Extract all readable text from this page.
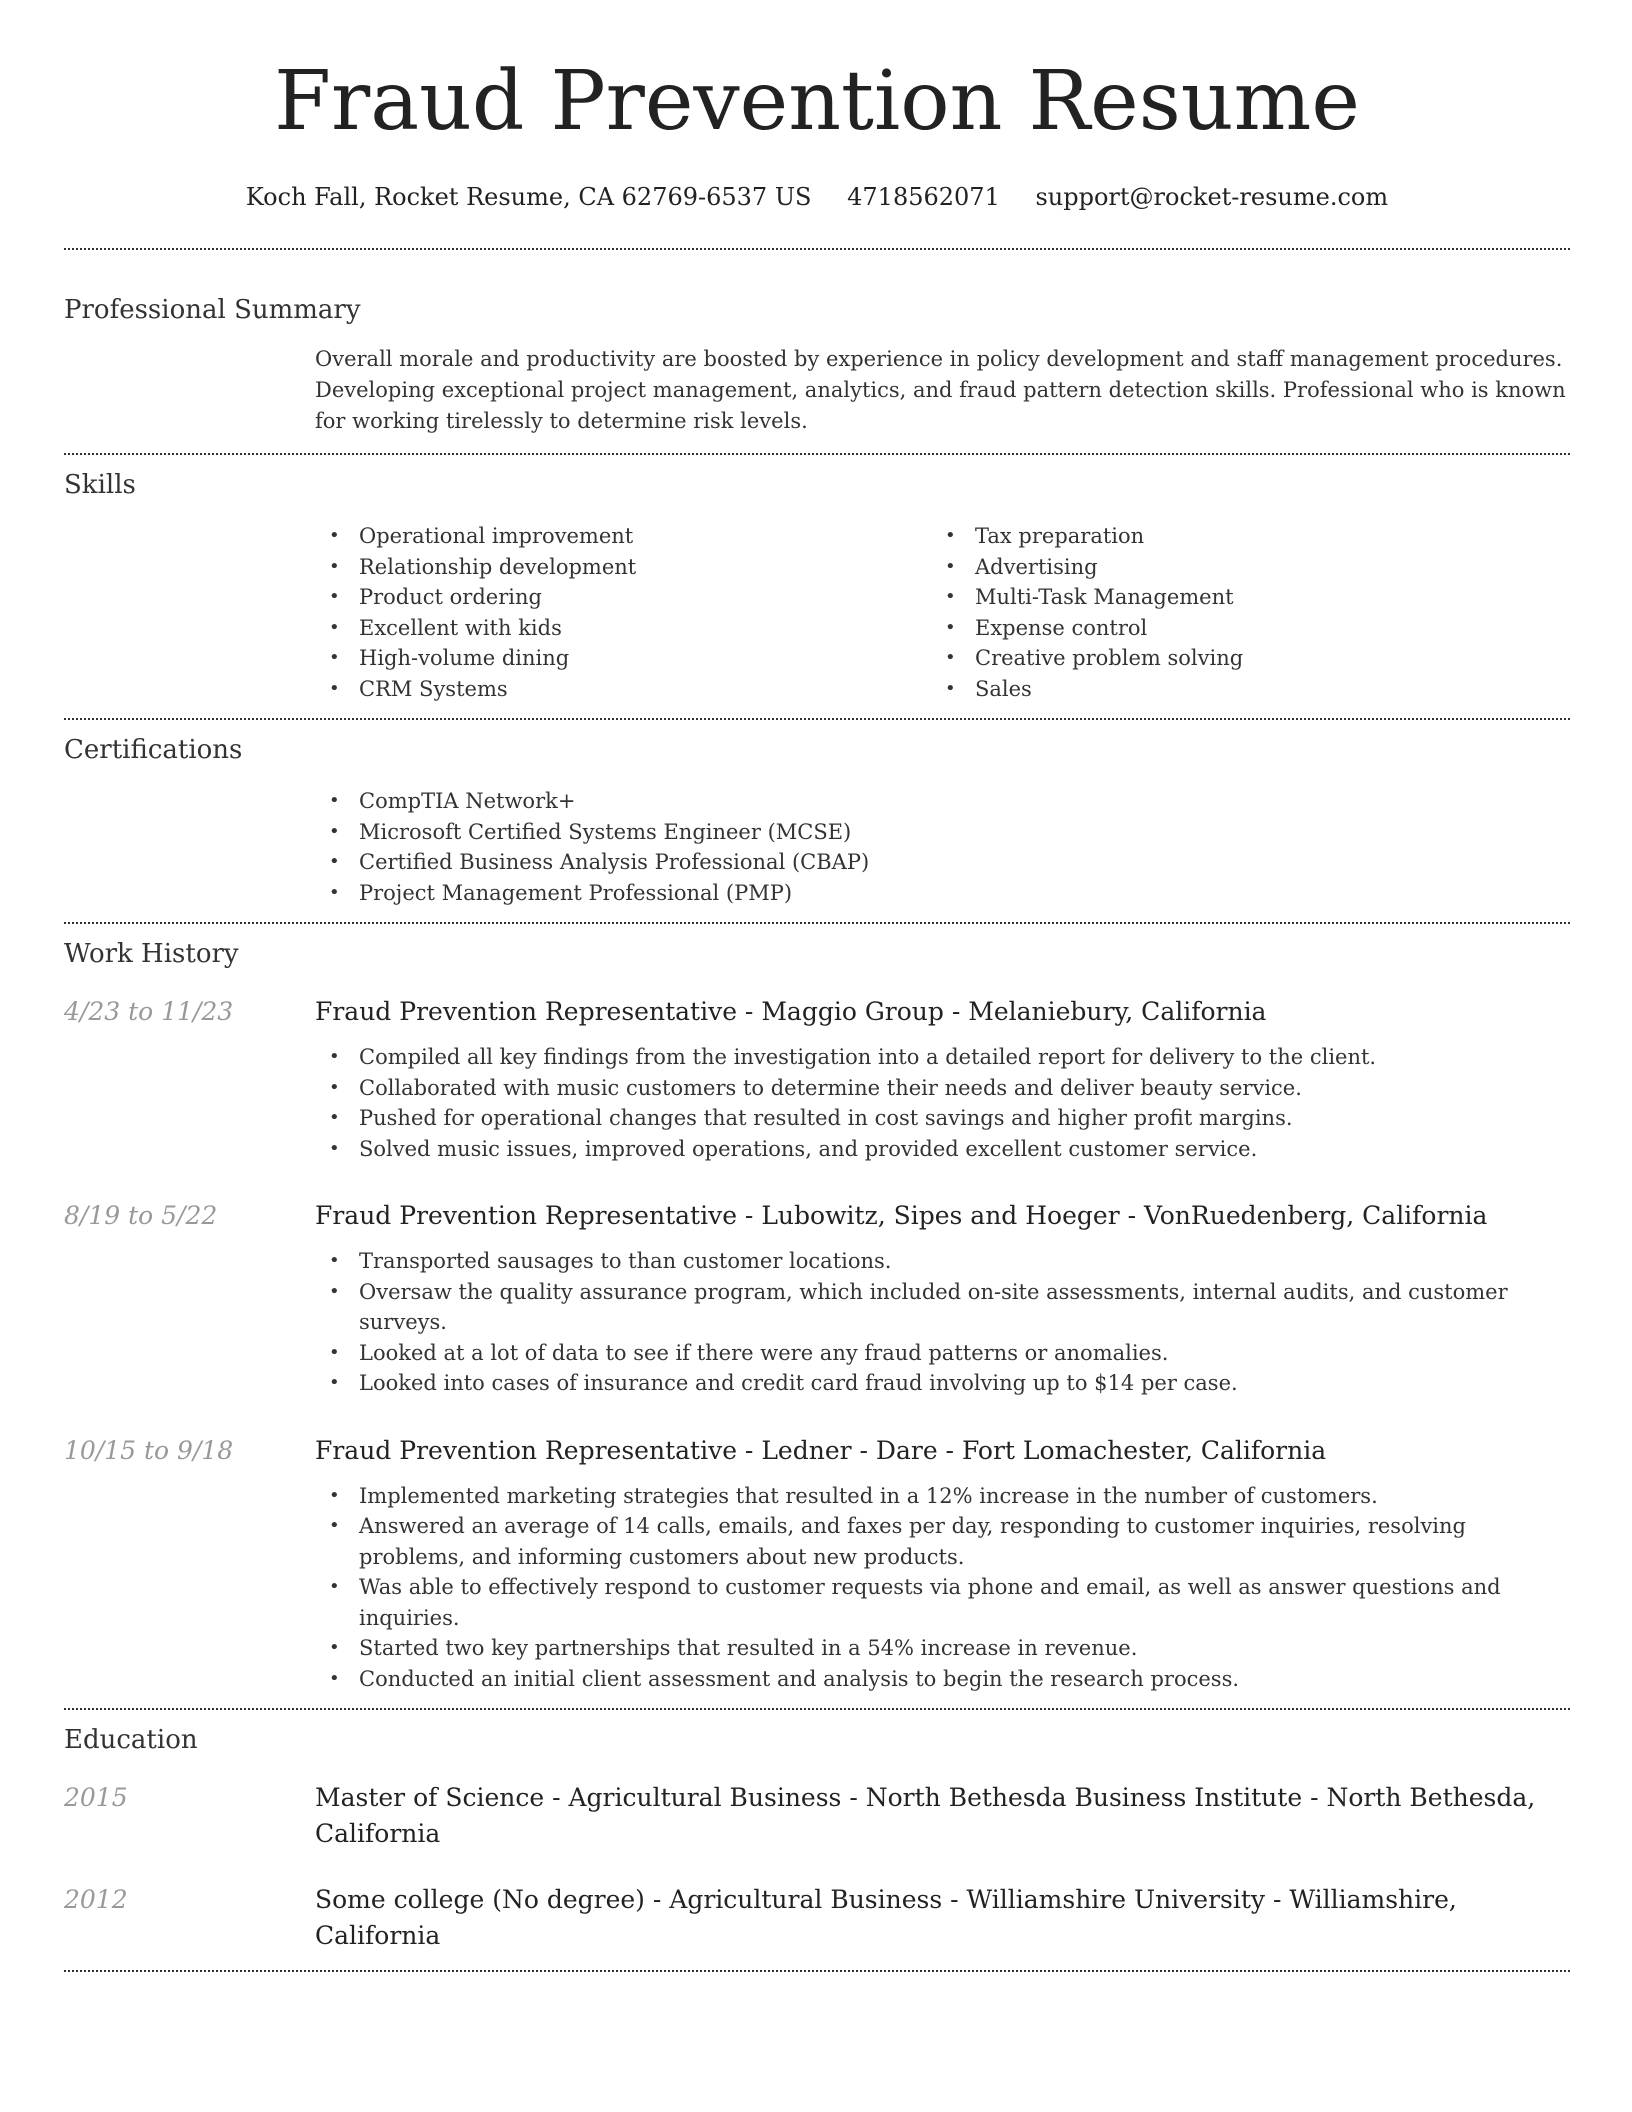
Fraud Prevention Resume
Koch Fall, Rocket Resume, CA 62769-6537 US 4718562071 support@rocket-resume.com
Professional Summary
Overall morale and productivity are boosted by experience in policy development and staff management procedures. Developing exceptional project management, analytics, and fraud pattern detection skills. Professional who is known for working tirelessly to determine risk levels.
Skills
• Operational improvement
• Relationship development
• Product ordering
• Excellent with kids
• High-volume dining
• CRM Systems
• Tax preparation
• Advertising
• Multi-Task Management
• Expense control
• Creative problem solving
• Sales
Certifications
• CompTIA Network+
• Microsoft Certified Systems Engineer (MCSE)
• Certified Business Analysis Professional (CBAP)
• Project Management Professional (PMP)
Work History
4/23 to 11/23	Fraud Prevention Representative - Maggio Group - Melaniebury, California
• Compiled all key findings from the investigation into a detailed report for delivery to the client.
• Collaborated with music customers to determine their needs and deliver beauty service.
• Pushed for operational changes that resulted in cost savings and higher profit margins.
• Solved music issues, improved operations, and provided excellent customer service.
8/19 to 5/22	Fraud Prevention Representative - Lubowitz, Sipes and Hoeger - VonRuedenberg, California
• Transported sausages to than customer locations.
• Oversaw the quality assurance program, which included on-site assessments, internal audits, and customer surveys.
• Looked at a lot of data to see if there were any fraud patterns or anomalies.
• Looked into cases of insurance and credit card fraud involving up to $14 per case.
10/15 to 9/18	Fraud Prevention Representative - Ledner - Dare - Fort Lomachester, California
• Implemented marketing strategies that resulted in a 12% increase in the number of customers.
• Answered an average of 14 calls, emails, and faxes per day, responding to customer inquiries, resolving problems, and informing customers about new products.
• Was able to effectively respond to customer requests via phone and email, as well as answer questions and inquiries.
• Started two key partnerships that resulted in a 54% increase in revenue.
• Conducted an initial client assessment and analysis to begin the research process.
Education
2015	Master of Science - Agricultural Business - North Bethesda Business Institute - North Bethesda, California
2012	Some college (No degree) - Agricultural Business - Williamshire University - Williamshire, California
